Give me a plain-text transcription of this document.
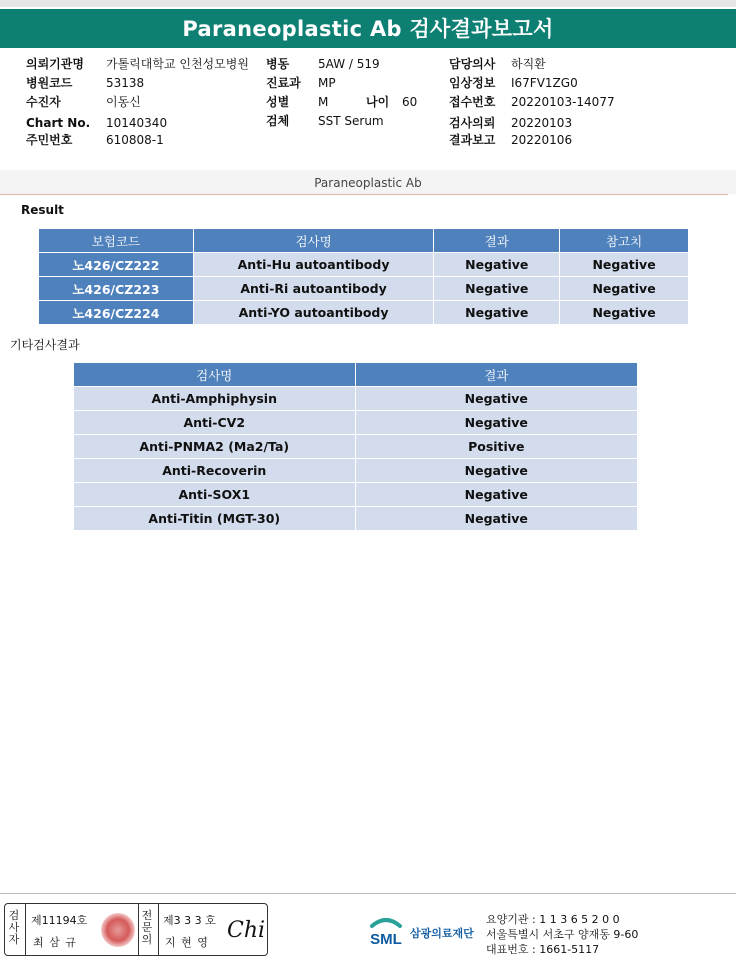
Paraneoplastic Ab 검사결과보고서
의뢰기관명 가톨릭대학교 인천성모병원
병원코드	53138
수진자	이동신
Chart No. 10140340
주민번호	610808-1
병동 5AW / 519
진료과 MP
성별 M	나이 60
검체 SST Serum
담당의사 하직환
임상정보 I67FV1ZG0
접수번호 20220103-14077
검사의뢰 20220103
결과보고 20220106
Paraneoplastic Ab
Result
보험코드	검사명	결과	참고치
노426/CZ222	Anti-Hu autoantibody	Negative	Negative
노426/CZ223	Anti-Ri autoantibody	Negative	Negative
노426/CZ224	Anti-YO autoantibody	Negative	Negative
기타검사결과
검사명	결과
Anti-Amphiphysin	Negative
Anti-CV2	Negative
Anti-PNMA2 (Ma2/Ta)	Positive
Anti-Recoverin	Negative
Anti-SOX1	Negative
Anti-Titin (MGT-30)	Negative
검사자
제11194호
최 삼 규
전문의
제3 3 3 호
지 현 영 Chi	SML 삼광의료재단
요양기관 : 1 1 3 6 5 2 0 0
서울특별시 서초구 양재동 9-60
대표번호 : 1661-5117
